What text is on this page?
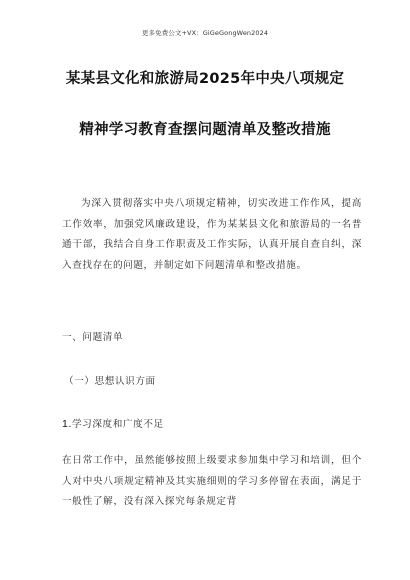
更多免费公文+VX：GiGeGongWen2024
某某县文化和旅游局2025年中央八项规定
精神学习教育查摆问题清单及整改措施

为深入贯彻落实中央八项规定精神，切实改进工作作风，提高工作效率，加强党风廉政建设，作为某某县文化和旅游局的一名普通干部，我结合自身工作职责及工作实际，认真开展自查自纠，深入查找存在的问题，并制定如下问题清单和整改措施。

一、问题清单
（一）思想认识方面
1.学习深度和广度不足

在日常工作中，虽然能够按照上级要求参加集中学习和培训，但个人对中央八项规定精神及其实施细则的学习多停留在表面，满足于一般性了解，没有深入探究每条规定背
